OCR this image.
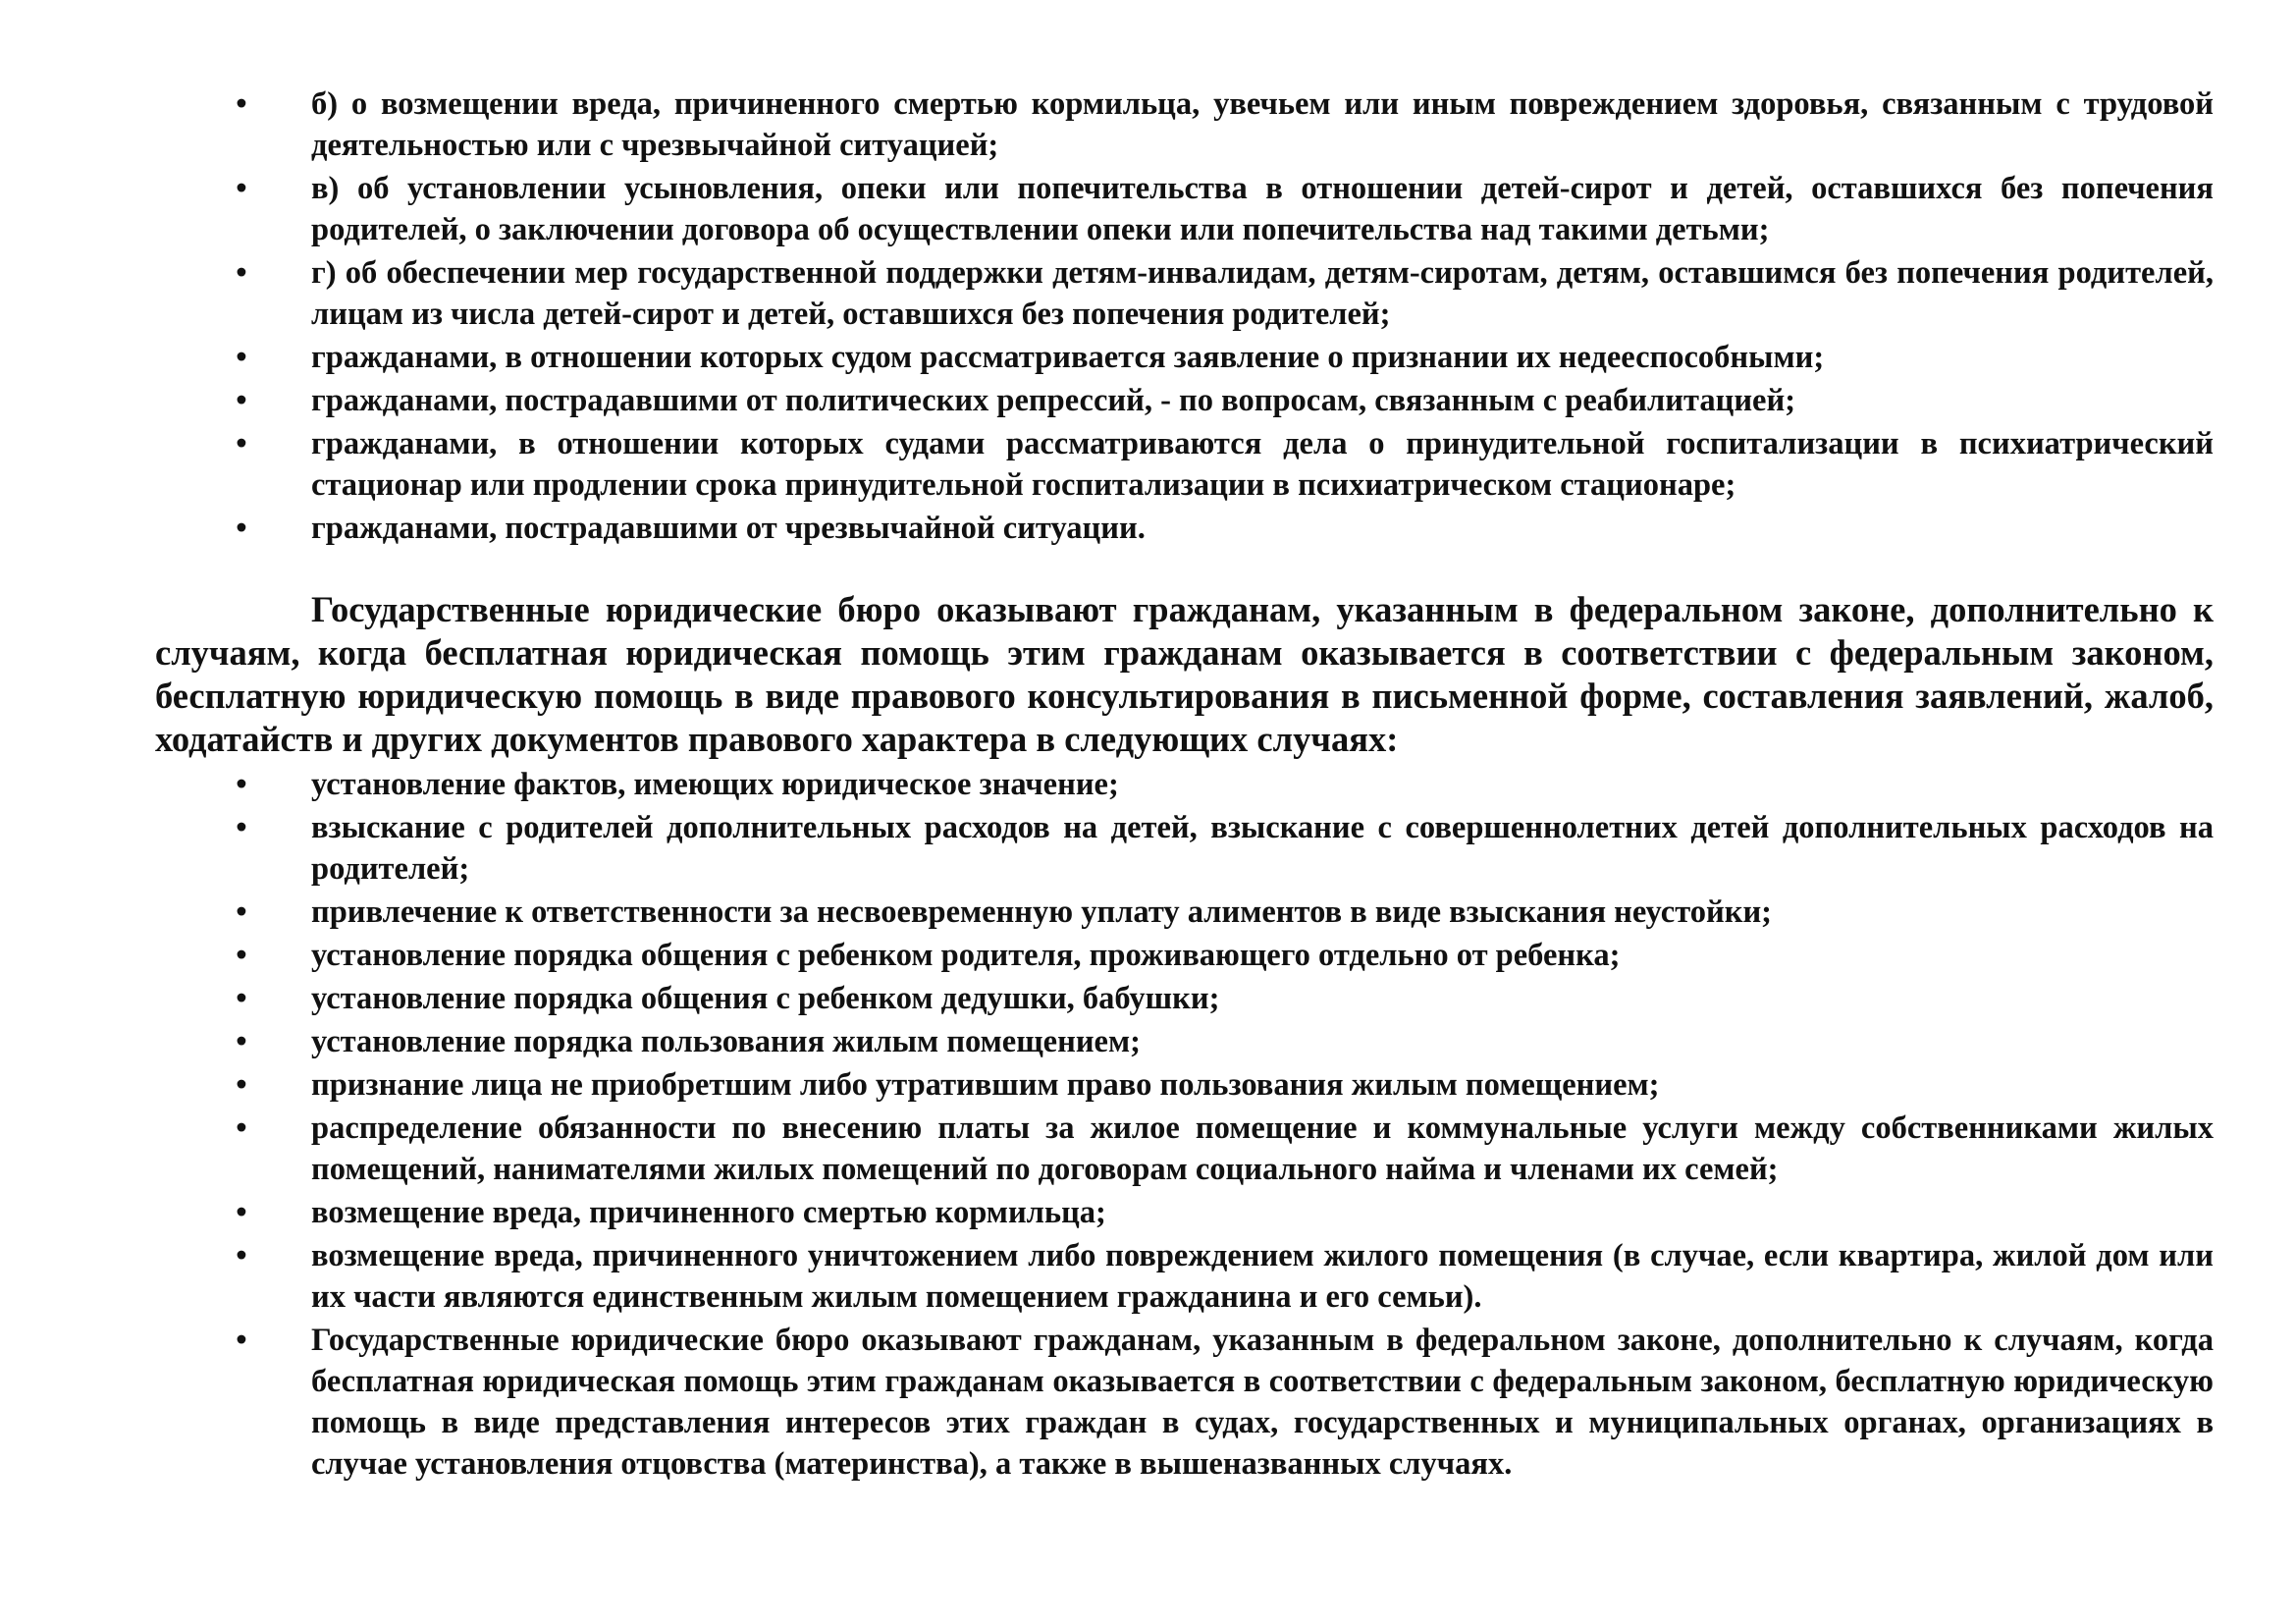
• б) о возмещении вреда, причиненного смертью кормильца, увечьем или иным повреждением здоровья, связанным с трудовой деятельностью или с чрезвычайной ситуацией;
• в) об установлении усыновления, опеки или попечительства в отношении детей-сирот и детей, оставшихся без попечения родителей, о заключении договора об осуществлении опеки или попечительства над такими детьми;
• г) об обеспечении мер государственной поддержки детям-инвалидам, детям-сиротам, детям, оставшимся без попечения родителей, лицам из числа детей-сирот и детей, оставшихся без попечения родителей;
• гражданами, в отношении которых судом рассматривается заявление о признании их недееспособными;
• гражданами, пострадавшими от политических репрессий, - по вопросам, связанным с реабилитацией;
• гражданами, в отношении которых судами рассматриваются дела о принудительной госпитализации в психиатрический стационар или продлении срока принудительной госпитализации в психиатрическом стационаре;
• гражданами, пострадавшими от чрезвычайной ситуации.

Государственные юридические бюро оказывают гражданам, указанным в федеральном законе, дополнительно к случаям, когда бесплатная юридическая помощь этим гражданам оказывается в соответствии с федеральным законом, бесплатную юридическую помощь в виде правового консультирования в письменной форме, составления заявлений, жалоб, ходатайств и других документов правового характера в следующих случаях:

• установление фактов, имеющих юридическое значение;
• взыскание с родителей дополнительных расходов на детей, взыскание с совершеннолетних детей дополнительных расходов на родителей;
• привлечение к ответственности за несвоевременную уплату алиментов в виде взыскания неустойки;
• установление порядка общения с ребенком родителя, проживающего отдельно от ребенка;
• установление порядка общения с ребенком дедушки, бабушки;
• установление порядка пользования жилым помещением;
• признание лица не приобретшим либо утратившим право пользования жилым помещением;
• распределение обязанности по внесению платы за жилое помещение и коммунальные услуги между собственниками жилых помещений, нанимателями жилых помещений по договорам социального найма и членами их семей;
• возмещение вреда, причиненного смертью кормильца;
• возмещение вреда, причиненного уничтожением либо повреждением жилого помещения (в случае, если квартира, жилой дом или их части являются единственным жилым помещением гражданина и его семьи).
• Государственные юридические бюро оказывают гражданам, указанным в федеральном законе, дополнительно к случаям, когда бесплатная юридическая помощь этим гражданам оказывается в соответствии с федеральным законом, бесплатную юридическую помощь в виде представления интересов этих граждан в судах, государственных и муниципальных органах, организациях в случае установления отцовства (материнства), а также в вышеназванных случаях.
